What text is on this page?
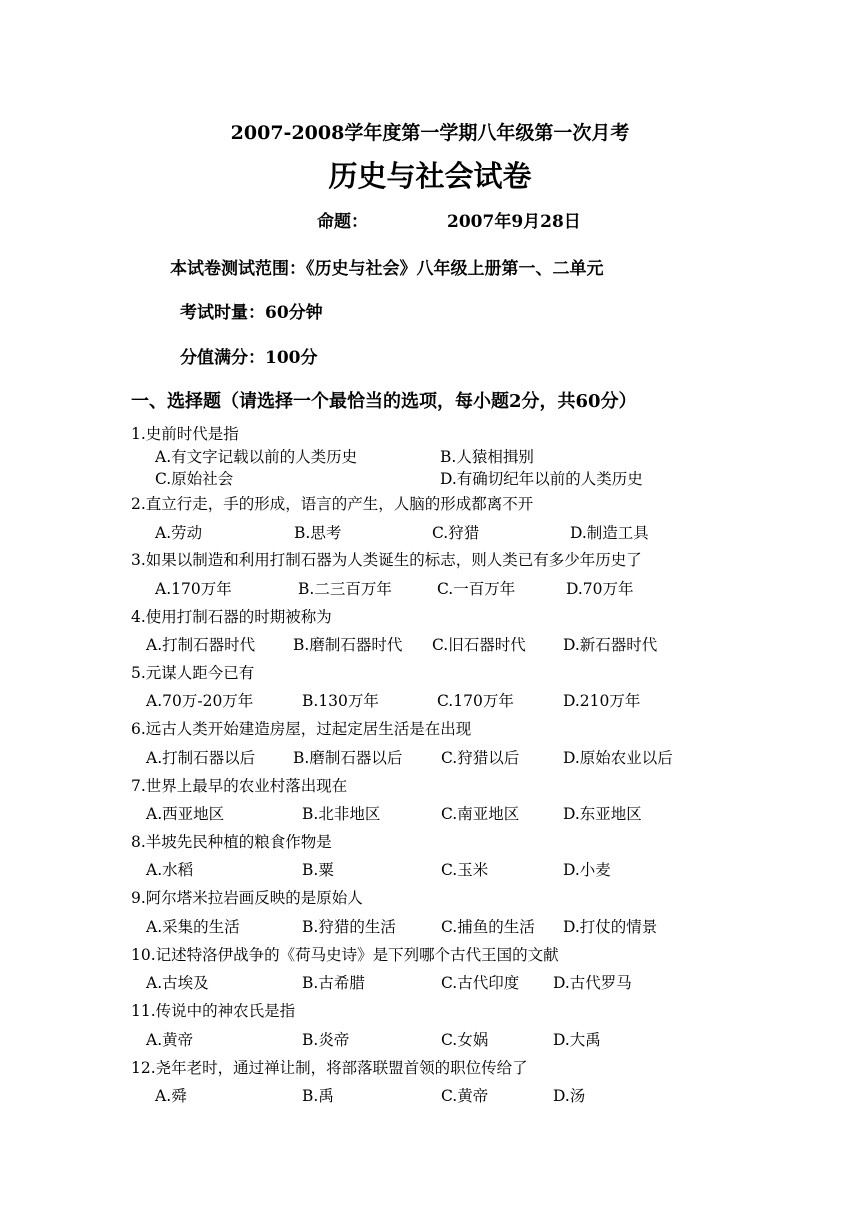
2007-2008学年度第一学期八年级第一次月考
历史与社会试卷
命题：	2007年9月28日
本试卷测试范围：《历史与社会》八年级上册第一、二单元
考试时量：60分钟
分值满分：100分
一、选择题（请选择一个最恰当的选项，每小题2分，共60分）
1.史前时代是指
A.有文字记载以前的人类历史	B.人猿相揖别
C.原始社会	D.有确切纪年以前的人类历史
2.直立行走，手的形成，语言的产生，人脑的形成都离不开
A.劳动	B.思考	C.狩猎	D.制造工具
3.如果以制造和利用打制石器为人类诞生的标志，则人类已有多少年历史了
A.170万年	B.二三百万年	C.一百万年	D.70万年
4.使用打制石器的时期被称为
A.打制石器时代 B.磨制石器时代 C.旧石器时代 D.新石器时代
5.元谋人距今已有
A.70万-20万年	B.130万年	C.170万年	D.210万年
6.远古人类开始建造房屋，过起定居生活是在出现
A.打制石器以后 B.磨制石器以后 C.狩猎以后	D.原始农业以后
7.世界上最早的农业村落出现在
A.西亚地区	B.北非地区	C.南亚地区	D.东亚地区
8.半坡先民种植的粮食作物是
A.水稻	B.粟	C.玉米	D.小麦
9.阿尔塔米拉岩画反映的是原始人
A.采集的生活	B.狩猎的生活	C.捕鱼的生活 D.打仗的情景
10.记述特洛伊战争的《荷马史诗》是下列哪个古代王国的文献
A.古埃及	B.古希腊	C.古代印度 D.古代罗马
11.传说中的神农氏是指
A.黄帝	B.炎帝	C.女娲	D.大禹
12.尧年老时，通过禅让制，将部落联盟首领的职位传给了
A.舜	B.禹	C.黄帝	D.汤
